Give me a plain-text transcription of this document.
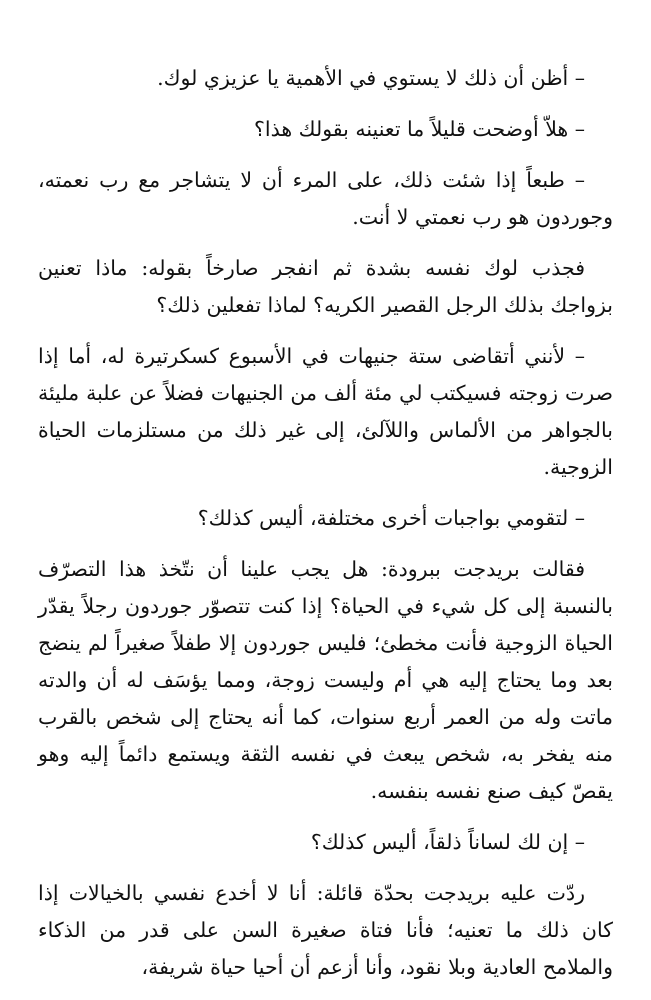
– أظن أن ذلك لا يستوي في الأهمية يا عزيزي لوك.

– هلاّ أوضحت قليلاً ما تعنينه بقولك هذا؟

– طبعاً إذا شئت ذلك، على المرء أن لا يتشاجر مع رب نعمته، وجوردون هو رب نعمتي لا أنت.

فجذب لوك نفسه بشدة ثم انفجر صارخاً بقوله: ماذا تعنين بزواجك بذلك الرجل القصير الكريه؟ لماذا تفعلين ذلك؟

– لأنني أتقاضى ستة جنيهات في الأسبوع كسكرتيرة له، أما إذا صرت زوجته فسيكتب لي مئة ألف من الجنيهات فضلاً عن علبة مليئة بالجواهر من الألماس واللآلئ، إلى غير ذلك من مستلزمات الحياة الزوجية.

– لتقومي بواجبات أخرى مختلفة، أليس كذلك؟

فقالت بريدجت ببرودة: هل يجب علينا أن نتّخذ هذا التصرّف بالنسبة إلى كل شيء في الحياة؟ إذا كنت تتصوّر جوردون رجلاً يقدّر الحياة الزوجية فأنت مخطئ؛ فليس جوردون إلا طفلاً صغيراً لم ينضج بعد وما يحتاج إليه هي أم وليست زوجة، ومما يؤسَف له أن والدته ماتت وله من العمر أربع سنوات، كما أنه يحتاج إلى شخص بالقرب منه يفخر به، شخص يبعث في نفسه الثقة ويستمع دائماً إليه وهو يقصّ كيف صنع نفسه بنفسه.

– إن لك لساناً ذلقاً، أليس كذلك؟

ردّت عليه بريدجت بحدّة قائلة: أنا لا أخدع نفسي بالخيالات إذا كان ذلك ما تعنيه؛ فأنا فتاة صغيرة السن على قدر من الذكاء والملامح العادية وبلا نقود، وأنا أزعم أن أحيا حياة شريفة،
